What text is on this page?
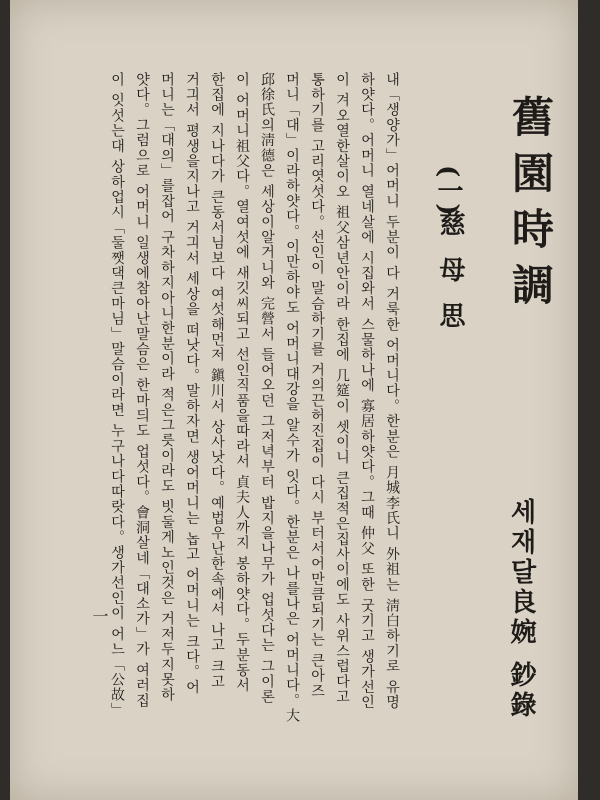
舊園時調
(一)
慈母思
세재달良婉 鈔錄
내「생양가」어머니 두분이 다 거룩한 어머니다。한분은 月城李氏니 外祖는 淸白하기로 유명
하얏다。어머니 열네살에 시집와서 스물하나에 寡居하얏다。그때 仲父 또한 굿기고 생가선인
이 겨오열한살이오 祖父삼년안이라 한집에 几筵이 셋이니 큰집적은집사이에도 사위스럽다고
통하기를 고리엿섯다。선인이 말슴하기를 거의끈허진집이 다시 부터서어만큼되기는 큰아즈
머니「대」이라하얏다。이만하야도 어머니대강을 알수가 잇다。한분은 나를나은 어머니다。大
邱徐氏의淸德은 세상이알거니와 完營서 들어오던 그저녁부터 밥지을나무가 업섯다는 그이론
이 어머니祖父다。열여섯에 새깃씨되고 선인직품을따라서 貞夫人까지 봉하얏다。두분동서
한집에 지나다가 큰동서님보다 여섯해먼저 鎭川서 상사낫다。예법우난한속에서 나고 크고
거긔서 평생을지나고 거긔서 세상을 떠낫다。말하자면 생어머니는 놉고 어머니는 크다。어
머니는「대의」를잡어 구차하지아니한분이라 적은그릇이라도 빗둘게노인것은 거저두지못하
얏다。그럼으로 어머니 일생에참아난말슴은 한마듸도 업섯다。會洞살네「대소가」가 여러집
이 잇섯는대 상하업시「둘쨋댁큰마님」말슴이라면 누구나다따랏다。생가선인이 어느「公故」
一
